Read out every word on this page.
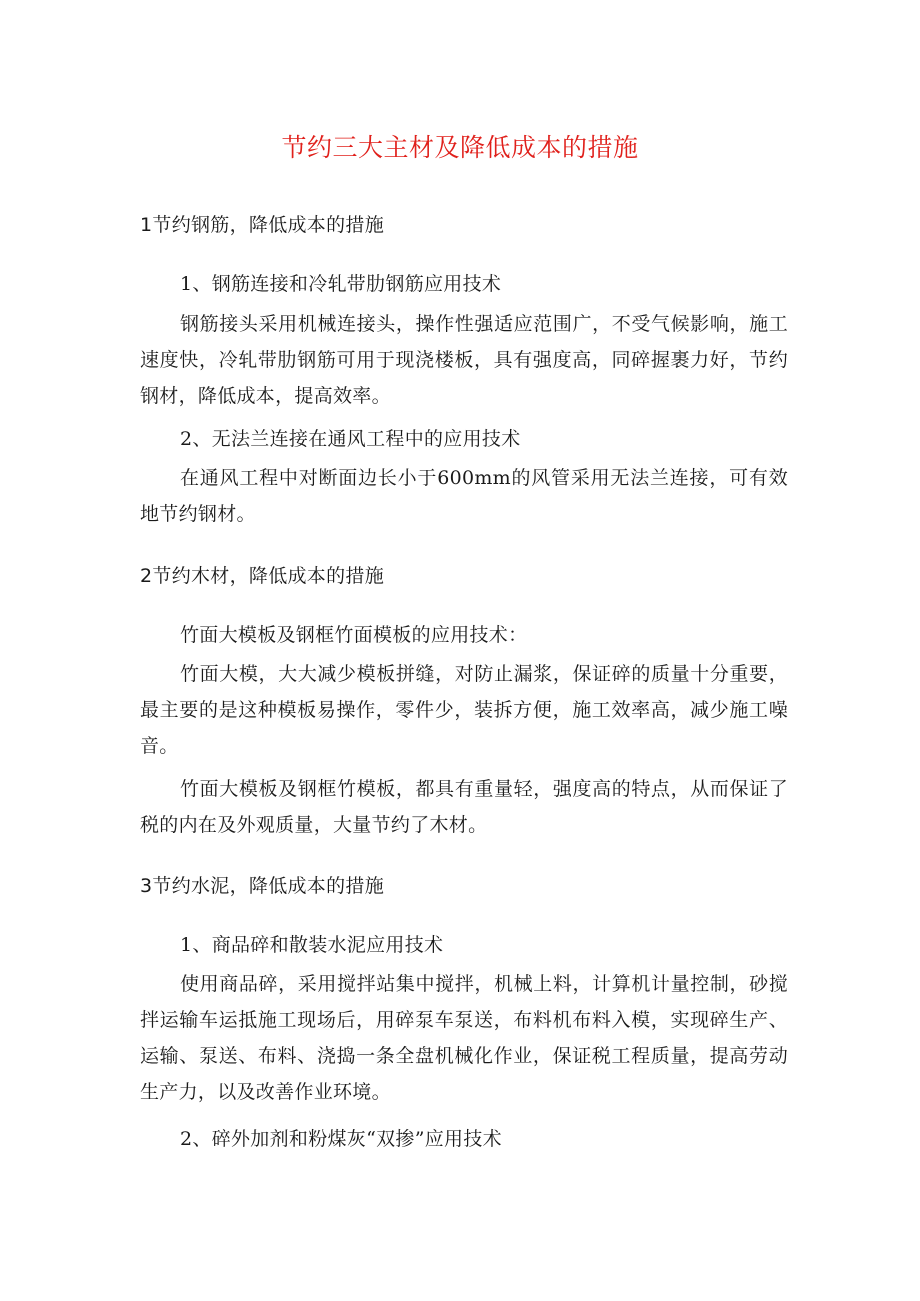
节约三大主材及降低成本的措施

1节约钢筋，降低成本的措施

1、钢筋连接和冷轧带肋钢筋应用技术

钢筋接头采用机械连接头，操作性强适应范围广，不受气候影响，施工速度快，冷轧带肋钢筋可用于现浇楼板，具有强度高，同碎握裹力好，节约钢材，降低成本，提高效率。

2、无法兰连接在通风工程中的应用技术

在通风工程中对断面边长小于600mm的风管采用无法兰连接，可有效地节约钢材。

2节约木材，降低成本的措施

竹面大模板及钢框竹面模板的应用技术：

竹面大模，大大减少模板拼缝，对防止漏浆，保证碎的质量十分重要，最主要的是这种模板易操作，零件少，装拆方便，施工效率高，减少施工噪音。

竹面大模板及钢框竹模板，都具有重量轻，强度高的特点，从而保证了税的内在及外观质量，大量节约了木材。

3节约水泥，降低成本的措施

1、商品碎和散装水泥应用技术

使用商品碎，采用搅拌站集中搅拌，机械上料，计算机计量控制，砂搅拌运输车运抵施工现场后，用碎泵车泵送，布料机布料入模，实现碎生产、运输、泵送、布料、浇捣一条全盘机械化作业，保证税工程质量，提高劳动生产力，以及改善作业环境。

2、碎外加剂和粉煤灰“双掺”应用技术
